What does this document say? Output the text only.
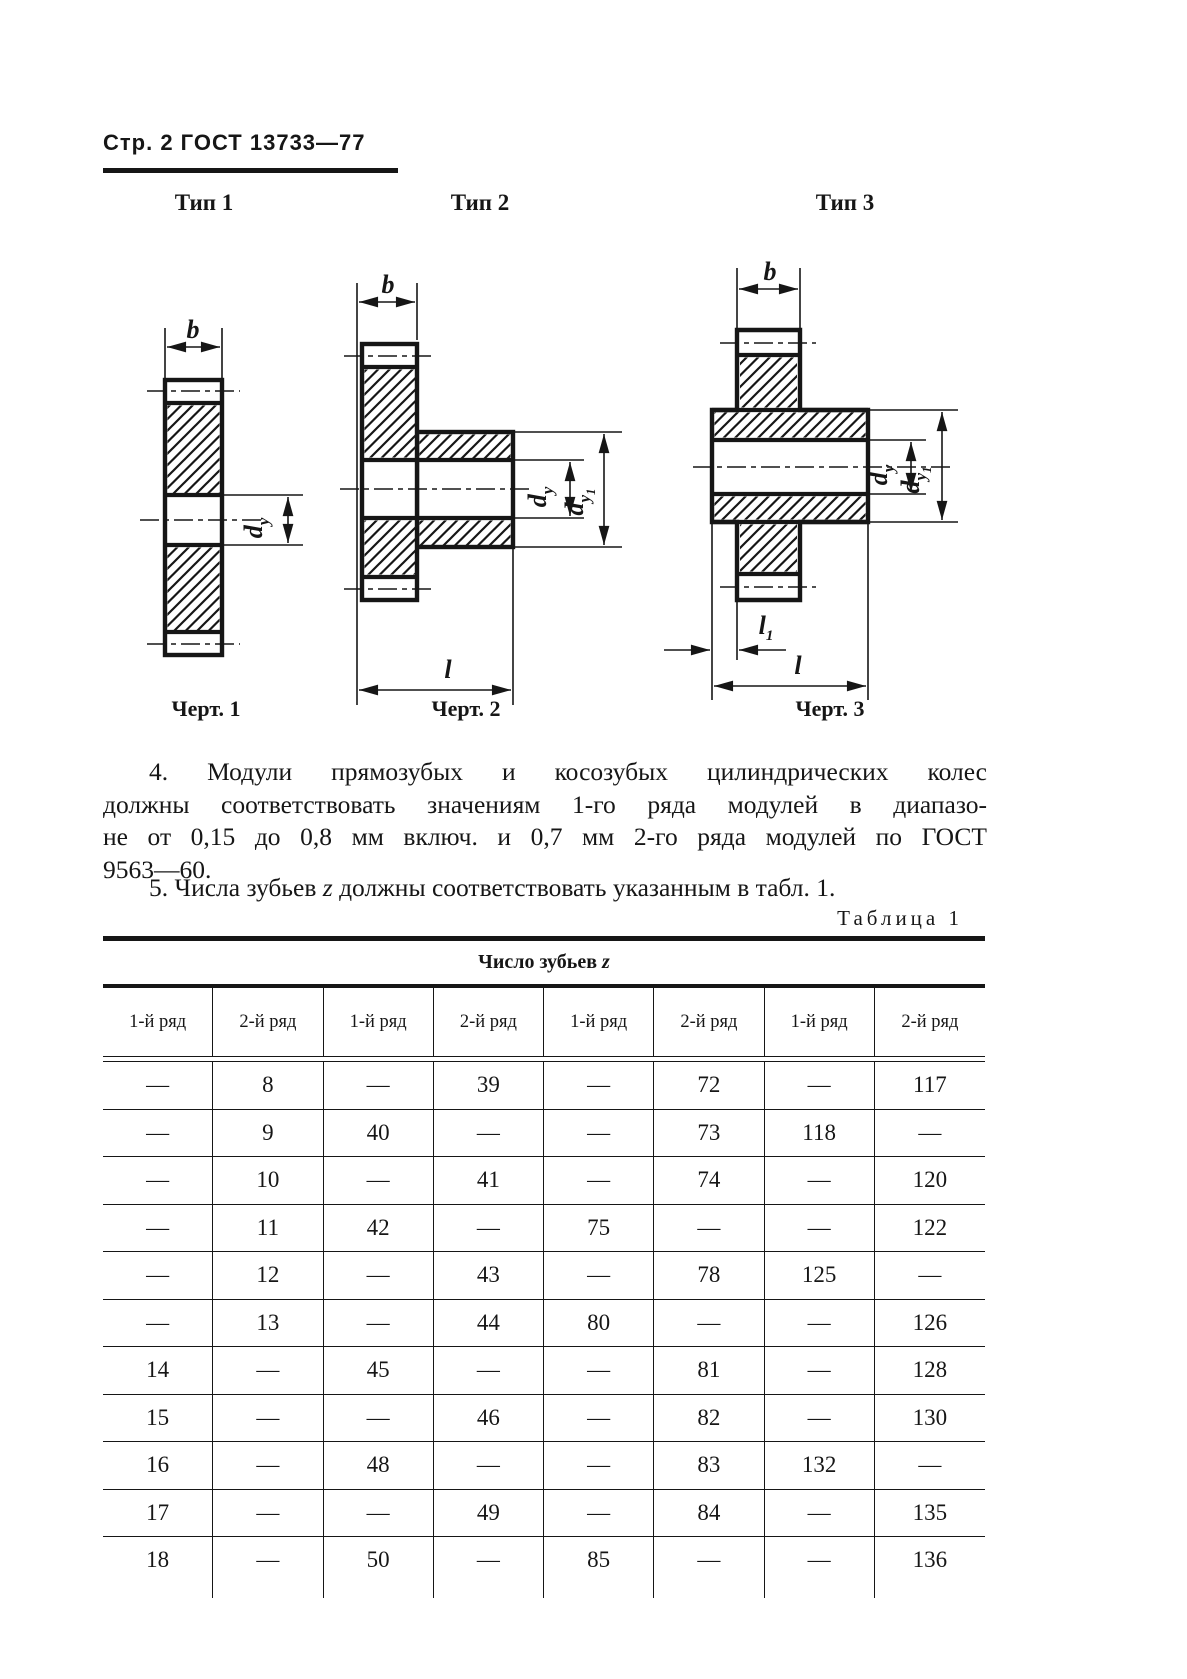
Стр. 2 ГОСТ 13733—77
Тип 1	Тип 2	Тип 3
b
$d_y$
Черт. 1
b
$d_y$
$d_y1$
l
Черт. 2
b
$d_y$
$d_y1$
$l_1$
l
Черт. 3
4. Модули прямозубых и косозубых цилиндрических колес
должны соответствовать значениям 1-го ряда модулей в диапазо-
не от 0,15 до 0,8 мм включ. и 0,7 мм 2-го ряда модулей по ГОСТ
9563—60.
5. Числа зубьев z должны соответствовать указанным в табл. 1.
Таблица 1
Число зубьев z
1-й ряд	2-й ряд	1-й ряд	2-й ряд	1-й ряд	2-й ряд	1-й ряд	2-й ряд
—	8	—	39	—	72	—	117
—	9	40	—	—	73	118	—
—	10	—	41	—	74	—	120
—	11	42	—	75	—	—	122
—	12	—	43	—	78	125	—
—	13	—	44	80	—	—	126
14	—	45	—	—	81	—	128
15	—	—	46	—	82	—	130
16	—	48	—	—	83	132	—
17	—	—	49	—	84	—	135
18	—	50	—	85	—	—	136
